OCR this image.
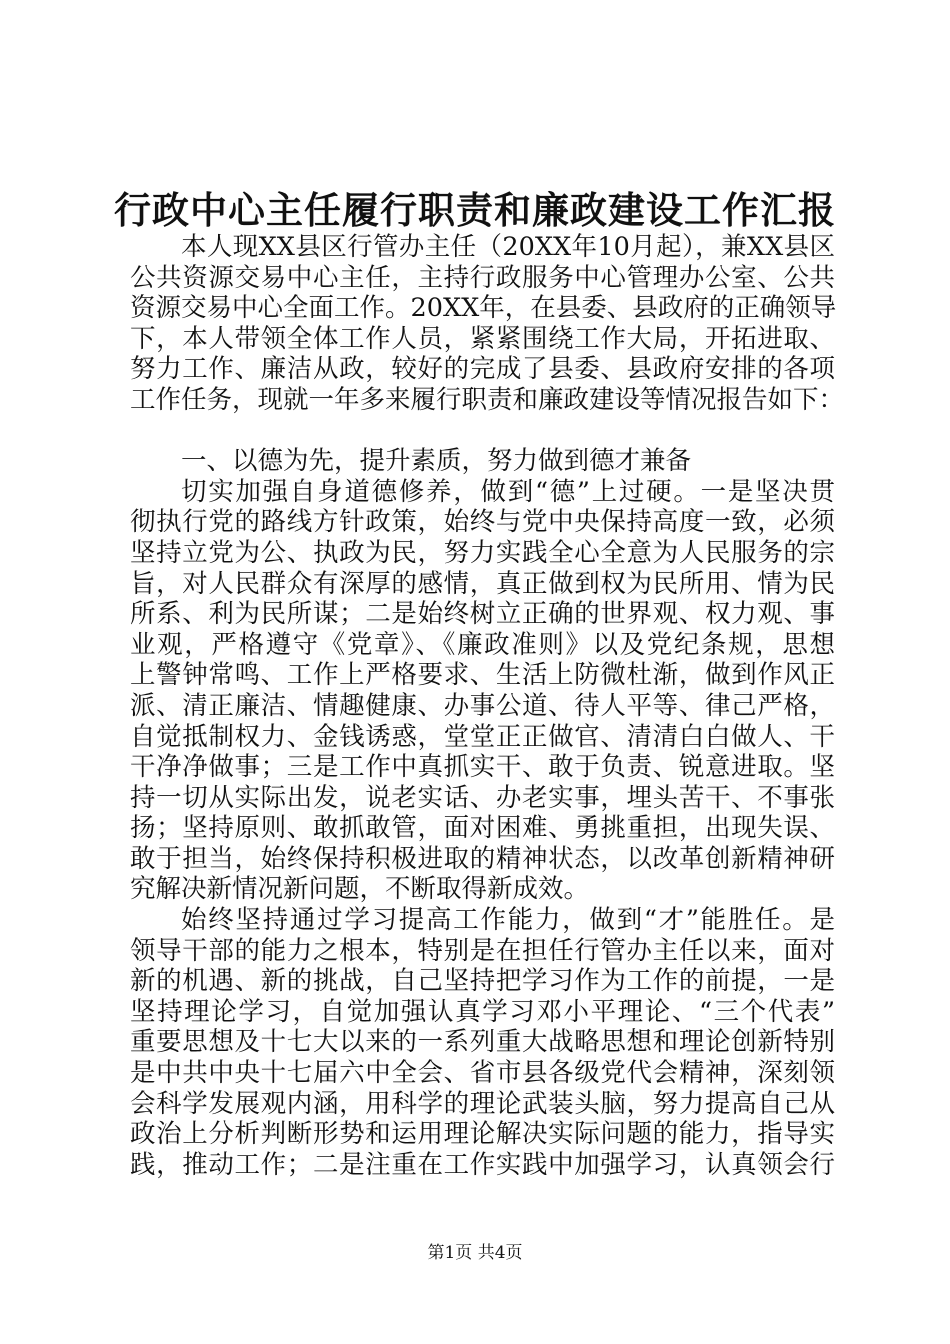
行政中心主任履行职责和廉政建设工作汇报
本人现XX县区行管办主任（20XX年10月起），兼XX县区
公共资源交易中心主任，主持行政服务中心管理办公室、公共
资源交易中心全面工作。20XX年，在县委、县政府的正确领导
下，本人带领全体工作人员，紧紧围绕工作大局，开拓进取、
努力工作、廉洁从政，较好的完成了县委、县政府安排的各项
工作任务，现就一年多来履行职责和廉政建设等情况报告如下：
一、以德为先，提升素质，努力做到德才兼备
切实加强自身道德修养，做到“德”上过硬。一是坚决贯
彻执行党的路线方针政策，始终与党中央保持高度一致，必须
坚持立党为公、执政为民，努力实践全心全意为人民服务的宗
旨，对人民群众有深厚的感情，真正做到权为民所用、情为民
所系、利为民所谋；二是始终树立正确的世界观、权力观、事
业观，严格遵守《党章》、《廉政准则》以及党纪条规，思想
上警钟常鸣、工作上严格要求、生活上防微杜渐，做到作风正
派、清正廉洁、情趣健康、办事公道、待人平等、律己严格，
自觉抵制权力、金钱诱惑，堂堂正正做官、清清白白做人、干
干净净做事；三是工作中真抓实干、敢于负责、锐意进取。坚
持一切从实际出发，说老实话、办老实事，埋头苦干、不事张
扬；坚持原则、敢抓敢管，面对困难、勇挑重担，出现失误、
敢于担当，始终保持积极进取的精神状态，以改革创新精神研
究解决新情况新问题，不断取得新成效。
始终坚持通过学习提高工作能力，做到“才”能胜任。是
领导干部的能力之根本，特别是在担任行管办主任以来，面对
新的机遇、新的挑战，自己坚持把学习作为工作的前提，一是
坚持理论学习，自觉加强认真学习邓小平理论、“三个代表”
重要思想及十七大以来的一系列重大战略思想和理论创新特别
是中共中央十七届六中全会、省市县各级党代会精神，深刻领
会科学发展观内涵，用科学的理论武装头脑，努力提高自己从
政治上分析判断形势和运用理论解决实际问题的能力，指导实
践，推动工作；二是注重在工作实践中加强学习，认真领会行
第1页 共4页
